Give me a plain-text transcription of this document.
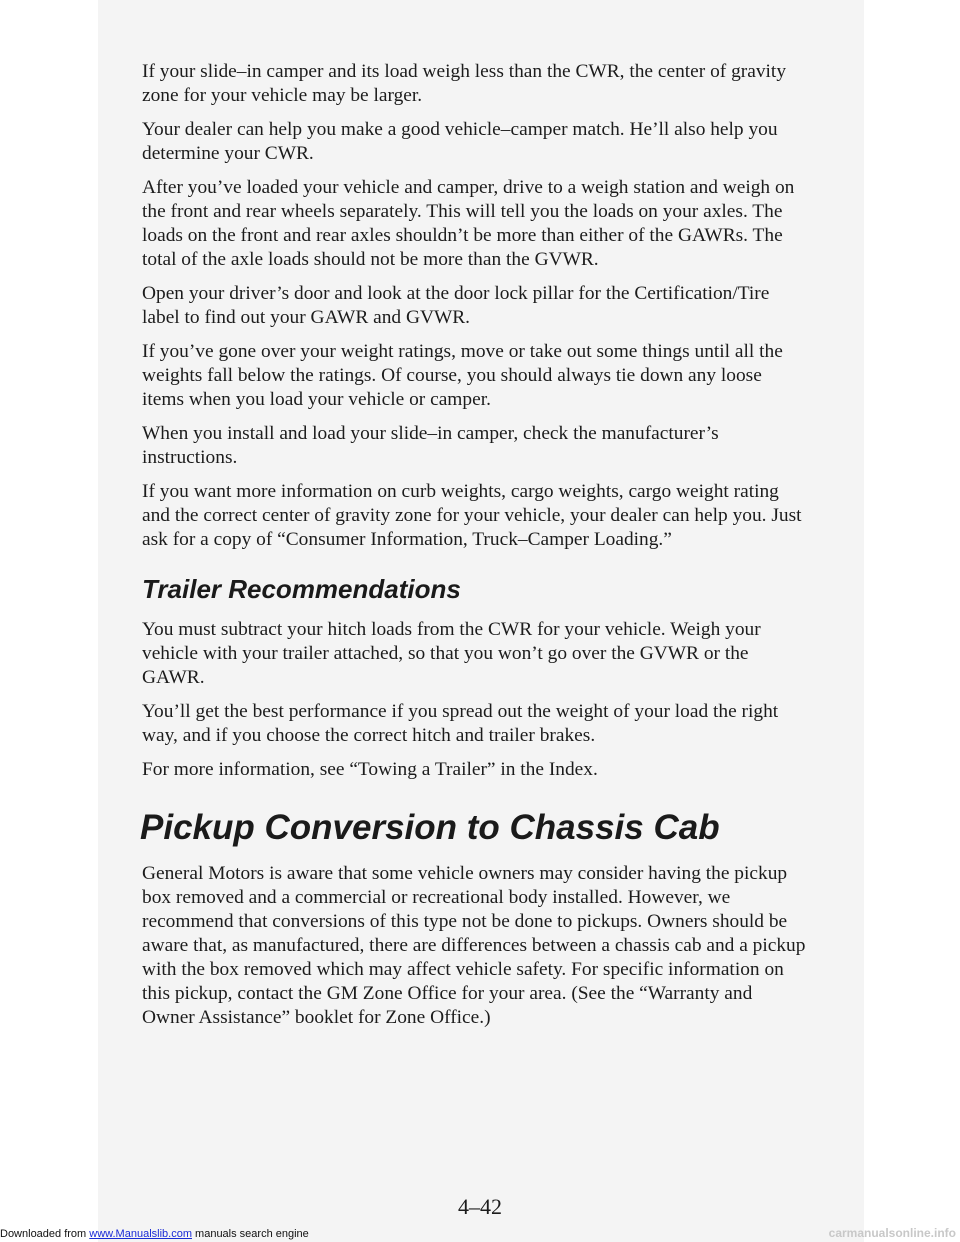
If your slide–in camper and its load weigh less than the CWR, the center of gravity zone for your vehicle may be larger.

Your dealer can help you make a good vehicle–camper match. He’ll also help you determine your CWR.

After you’ve loaded your vehicle and camper, drive to a weigh station and weigh on the front and rear wheels separately. This will tell you the loads on your axles. The loads on the front and rear axles shouldn’t be more than either of the GAWRs. The total of the axle loads should not be more than the GVWR.

Open your driver’s door and look at the door lock pillar for the Certification/Tire label to find out your GAWR and GVWR.

If you’ve gone over your weight ratings, move or take out some things until all the weights fall below the ratings. Of course, you should always tie down any loose items when you load your vehicle or camper.

When you install and load your slide–in camper, check the manufacturer’s instructions.

If you want more information on curb weights, cargo weights, cargo weight rating and the correct center of gravity zone for your vehicle, your dealer can help you. Just ask for a copy of “Consumer Information, Truck–Camper Loading.”

Trailer Recommendations

You must subtract your hitch loads from the CWR for your vehicle. Weigh your vehicle with your trailer attached, so that you won’t go over the GVWR or the GAWR.

You’ll get the best performance if you spread out the weight of your load the right way, and if you choose the correct hitch and trailer brakes.

For more information, see “Towing a Trailer” in the Index.

Pickup Conversion to Chassis Cab

General Motors is aware that some vehicle owners may consider having the pickup box removed and a commercial or recreational body installed. However, we recommend that conversions of this type not be done to pickups. Owners should be aware that, as manufactured, there are differences between a chassis cab and a pickup with the box removed which may affect vehicle safety. For specific information on this pickup, contact the GM Zone Office for your area. (See the “Warranty and Owner Assistance” booklet for Zone Office.)

4–42
Downloaded from www.Manualslib.com manuals search engine	carmanualsonline.info
